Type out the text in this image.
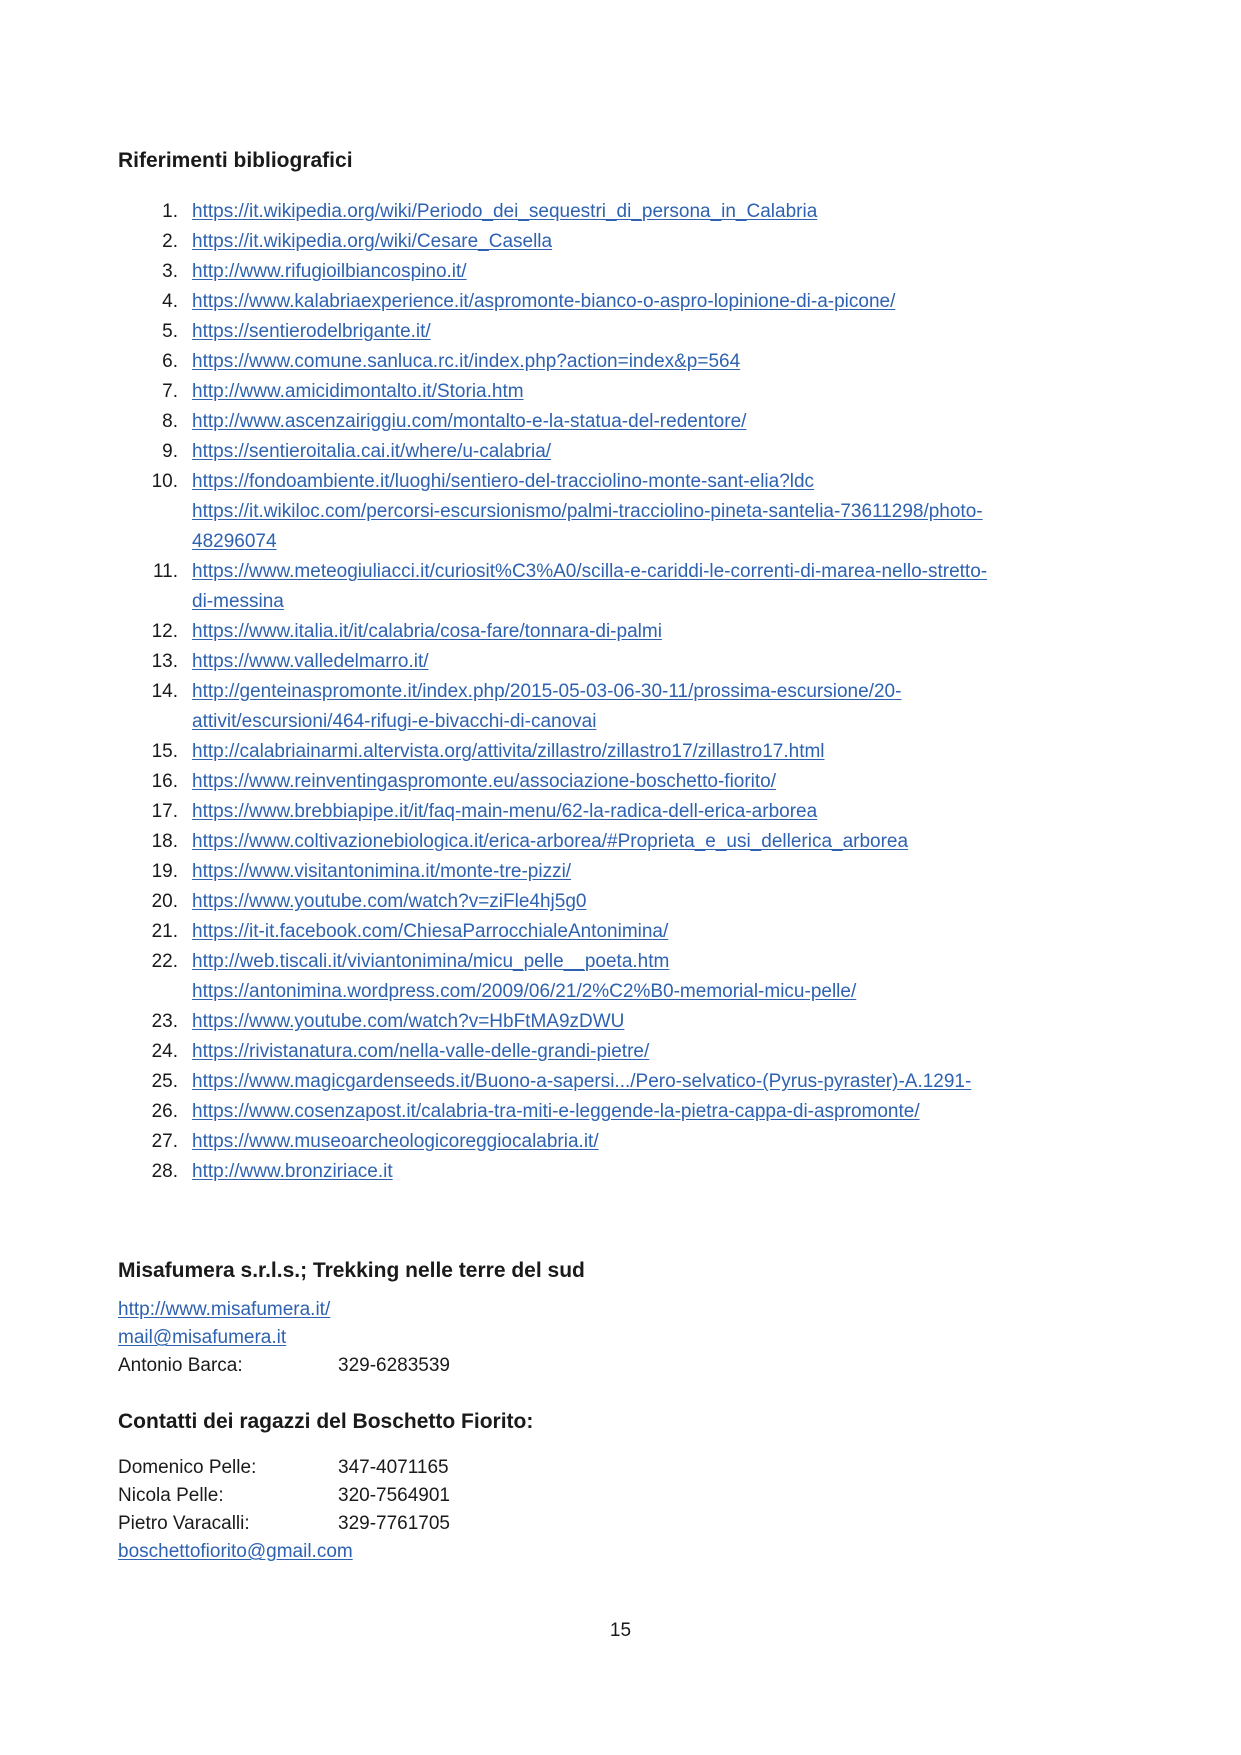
Riferimenti bibliografici
1. https://it.wikipedia.org/wiki/Periodo_dei_sequestri_di_persona_in_Calabria
2. https://it.wikipedia.org/wiki/Cesare_Casella
3. http://www.rifugioilbiancospino.it/
4. https://www.kalabriaexperience.it/aspromonte-bianco-o-aspro-lopinione-di-a-picone/
5. https://sentierodelbrigante.it/
6. https://www.comune.sanluca.rc.it/index.php?action=index&p=564
7. http://www.amicidimontalto.it/Storia.htm
8. http://www.ascenzairiggiu.com/montalto-e-la-statua-del-redentore/
9. https://sentieroitalia.cai.it/where/u-calabria/
10. https://fondoambiente.it/luoghi/sentiero-del-tracciolino-monte-sant-elia?ldc
https://it.wikiloc.com/percorsi-escursionismo/palmi-tracciolino-pineta-santelia-73611298/photo-
48296074
11. https://www.meteogiuliacci.it/curiosit%C3%A0/scilla-e-cariddi-le-correnti-di-marea-nello-stretto-
di-messina
12. https://www.italia.it/it/calabria/cosa-fare/tonnara-di-palmi
13. https://www.valledelmarro.it/
14. http://genteinaspromonte.it/index.php/2015-05-03-06-30-11/prossima-escursione/20-
attivit/escursioni/464-rifugi-e-bivacchi-di-canovai
15. http://calabriainarmi.altervista.org/attivita/zillastro/zillastro17/zillastro17.html
16. https://www.reinventingaspromonte.eu/associazione-boschetto-fiorito/
17. https://www.brebbiapipe.it/it/faq-main-menu/62-la-radica-dell-erica-arborea
18. https://www.coltivazionebiologica.it/erica-arborea/#Proprieta_e_usi_dellerica_arborea
19. https://www.visitantonimina.it/monte-tre-pizzi/
20. https://www.youtube.com/watch?v=ziFle4hj5g0
21. https://it-it.facebook.com/ChiesaParrocchialeAntonimina/
22. http://web.tiscali.it/viviantonimina/micu_pelle__poeta.htm
https://antonimina.wordpress.com/2009/06/21/2%C2%B0-memorial-micu-pelle/
23. https://www.youtube.com/watch?v=HbFtMA9zDWU
24. https://rivistanatura.com/nella-valle-delle-grandi-pietre/
25. https://www.magicgardenseeds.it/Buono-a-sapersi.../Pero-selvatico-(Pyrus-pyraster)-A.1291-
26. https://www.cosenzapost.it/calabria-tra-miti-e-leggende-la-pietra-cappa-di-aspromonte/
27. https://www.museoarcheologicoreggiocalabria.it/
28. http://www.bronziriace.it
Misafumera s.r.l.s.; Trekking nelle terre del sud
http://www.misafumera.it/
mail@misafumera.it
Antonio Barca:	329-6283539
Contatti dei ragazzi del Boschetto Fiorito:
Domenico Pelle:	347-4071165
Nicola Pelle:	320-7564901
Pietro Varacalli:	329-7761705
boschettofiorito@gmail.com
15
